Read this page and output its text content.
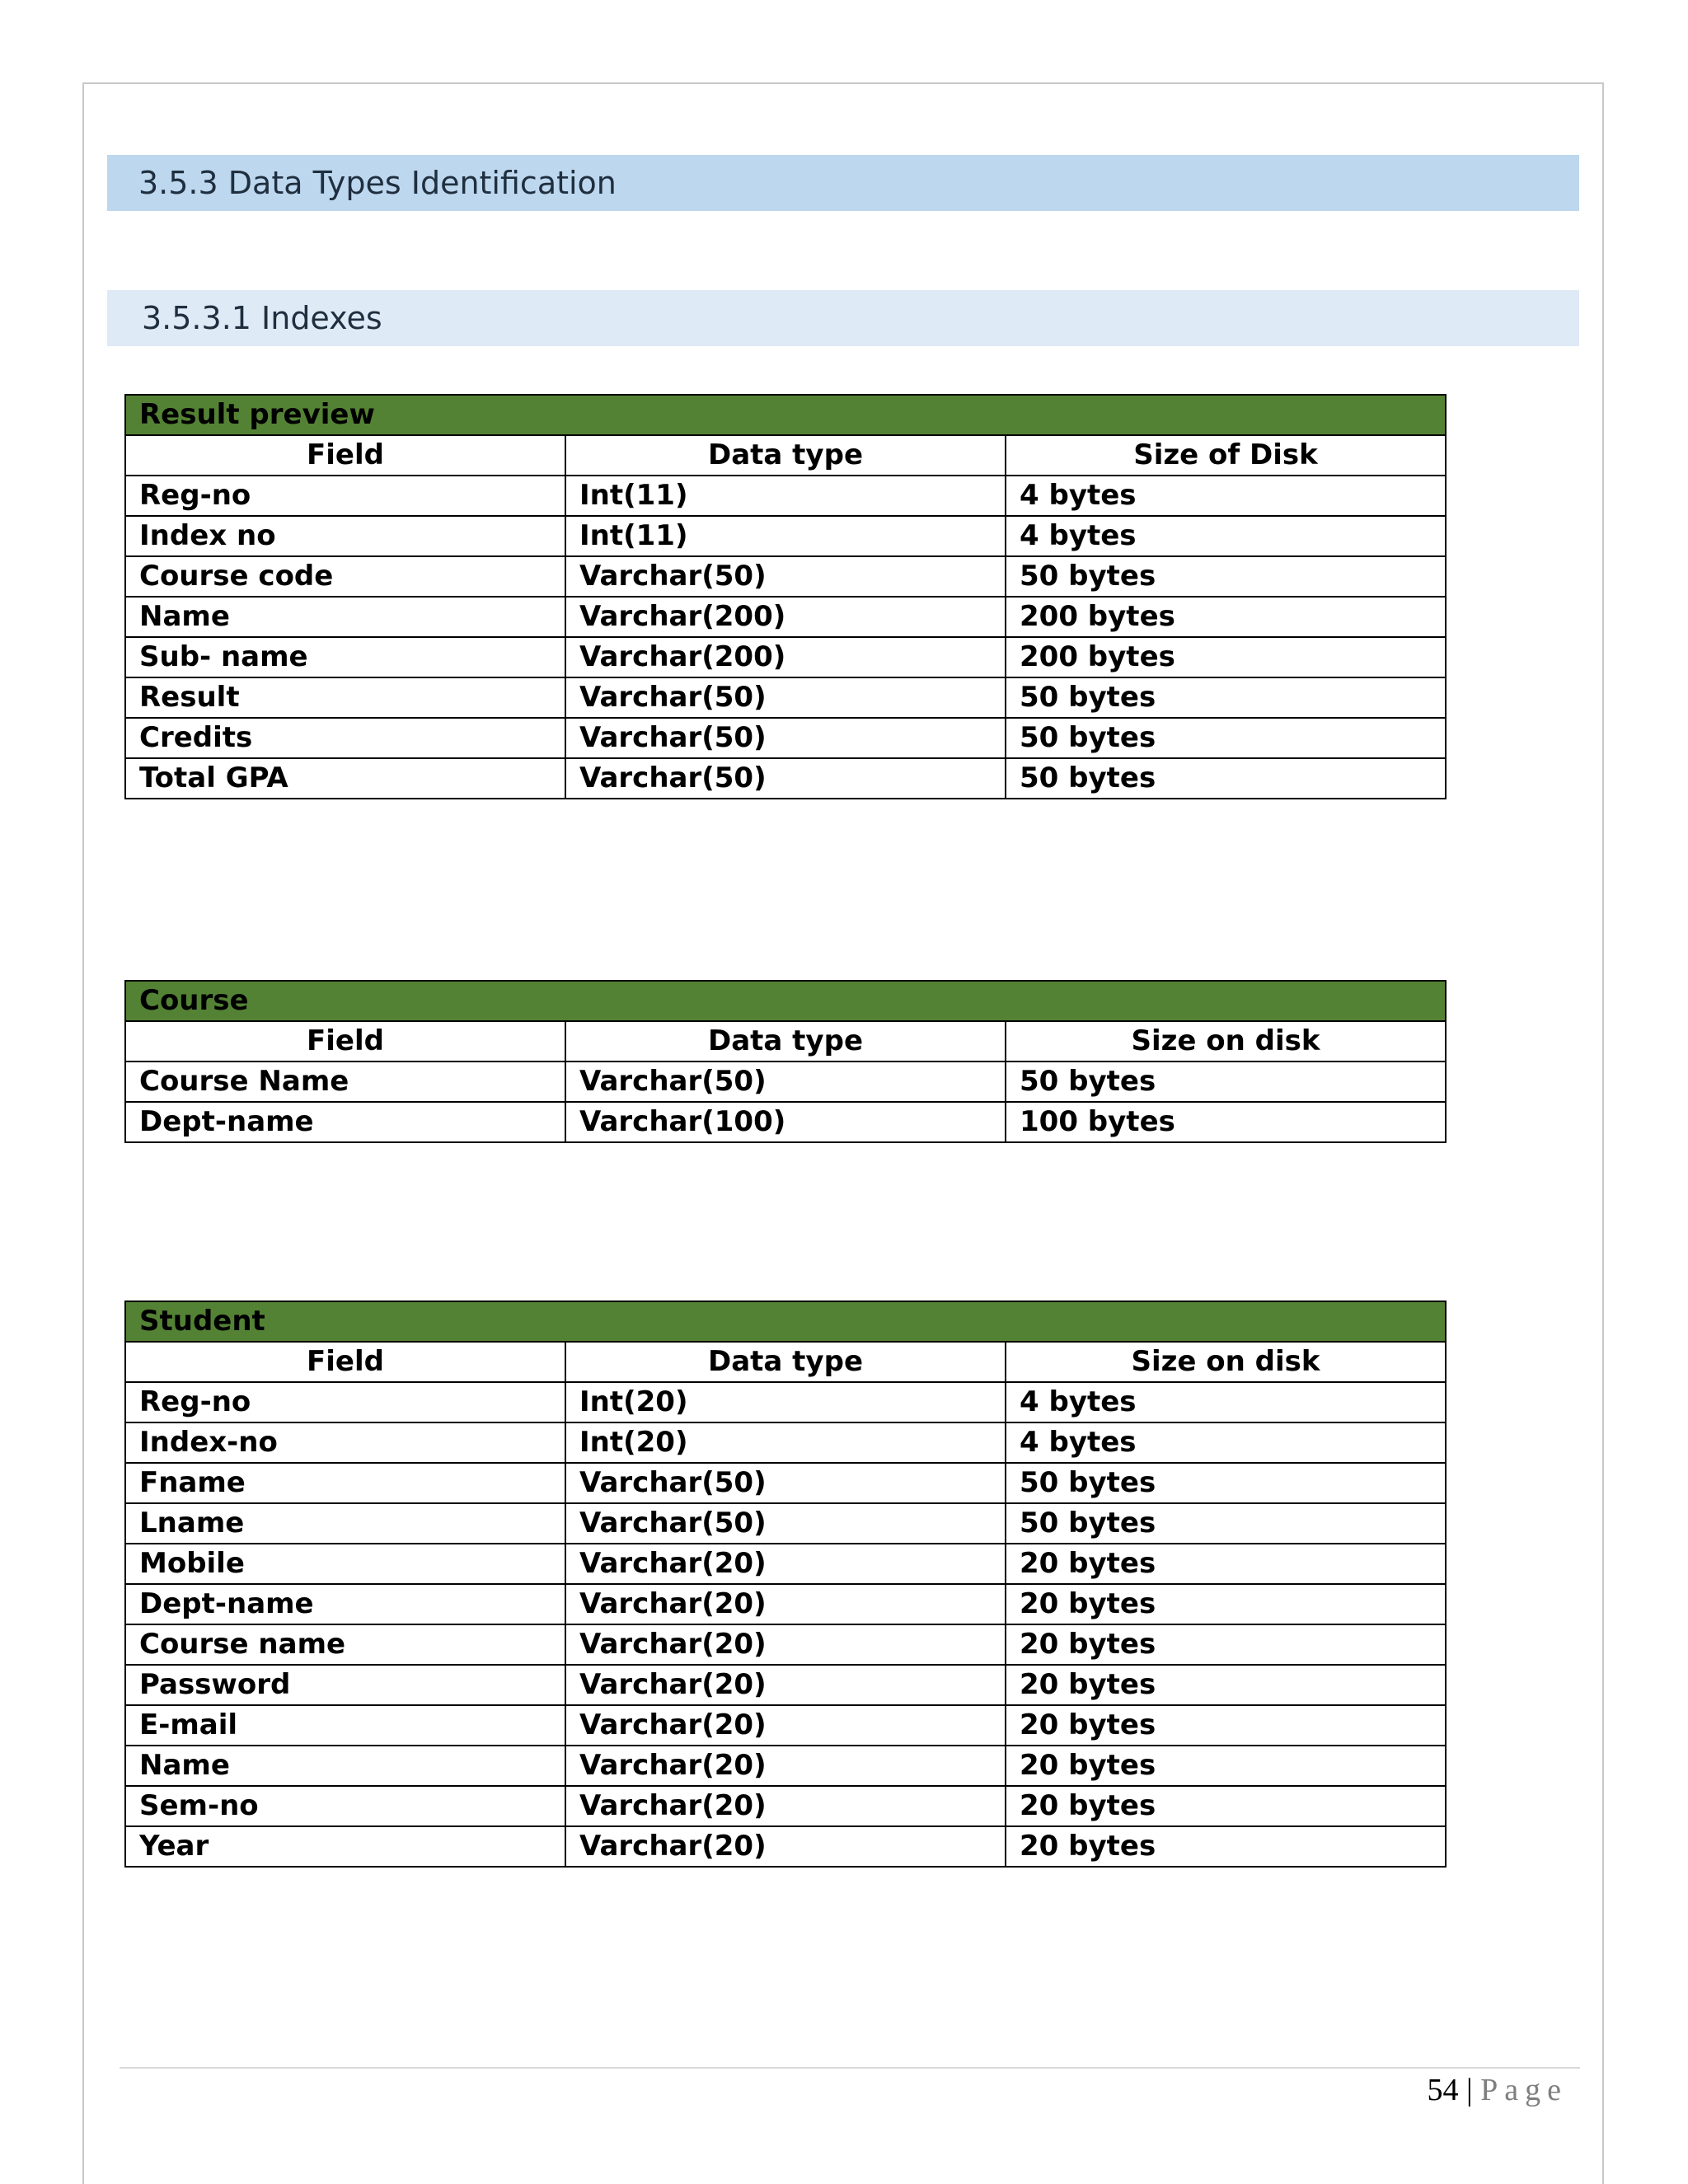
3.5.3 Data Types Identification
3.5.3.1 Indexes
Result preview		
Field	Data type	Size of Disk
Reg-no	Int(11)	4 bytes
Index no	Int(11)	4 bytes
Course code	Varchar(50)	50 bytes
Name	Varchar(200)	200 bytes
Sub- name	Varchar(200)	200 bytes
Result	Varchar(50)	50 bytes
Credits	Varchar(50)	50 bytes
Total GPA	Varchar(50)	50 bytes
Course		
Field	Data type	Size on disk
Course Name	Varchar(50)	50 bytes
Dept-name	Varchar(100)	100 bytes
Student		
Field	Data type	Size on disk
Reg-no	Int(20)	4 bytes
Index-no	Int(20)	4 bytes
Fname	Varchar(50)	50 bytes
Lname	Varchar(50)	50 bytes
Mobile	Varchar(20)	20 bytes
Dept-name	Varchar(20)	20 bytes
Course name	Varchar(20)	20 bytes
Password	Varchar(20)	20 bytes
E-mail	Varchar(20)	20 bytes
Name	Varchar(20)	20 bytes
Sem-no	Varchar(20)	20 bytes
Year	Varchar(20)	20 bytes
54 | Page
